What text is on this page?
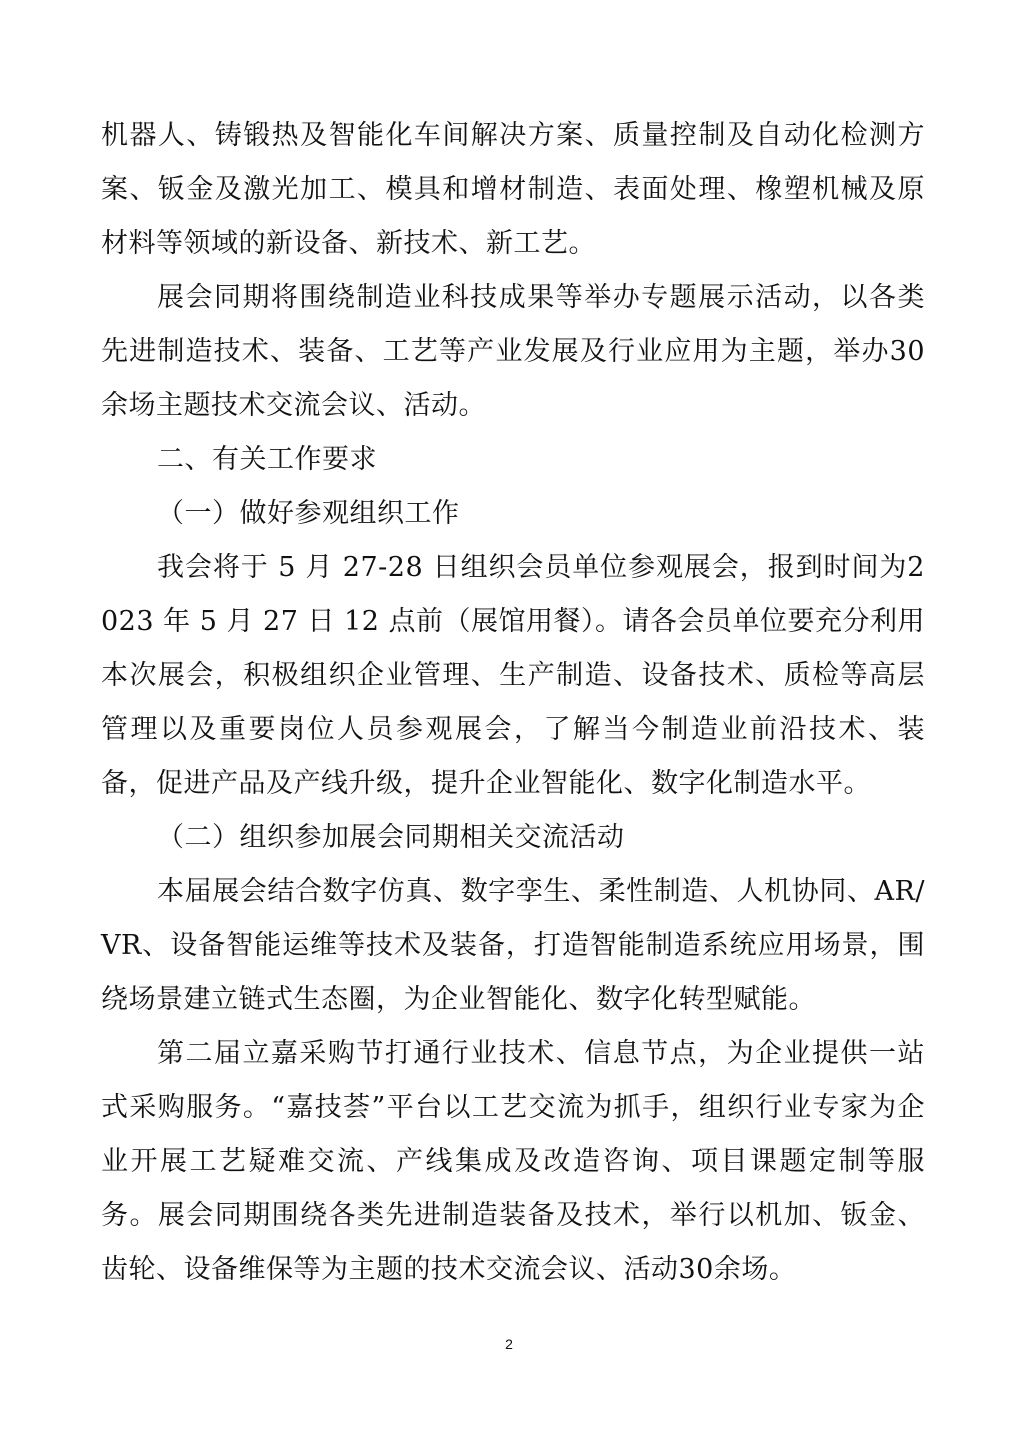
机器人、铸锻热及智能化车间解决方案、质量控制及自动化检测方案、钣金及激光加工、模具和增材制造、表面处理、橡塑机械及原材料等领域的新设备、新技术、新工艺。

展会同期将围绕制造业科技成果等举办专题展示活动，以各类先进制造技术、装备、工艺等产业发展及行业应用为主题，举办30余场主题技术交流会议、活动。

二、有关工作要求

（一）做好参观组织工作

我会将于 5 月 27-28 日组织会员单位参观展会，报到时间为2023 年 5 月 27 日 12 点前（展馆用餐）。请各会员单位要充分利用本次展会，积极组织企业管理、生产制造、设备技术、质检等高层管理以及重要岗位人员参观展会，了解当今制造业前沿技术、装备，促进产品及产线升级，提升企业智能化、数字化制造水平。

（二）组织参加展会同期相关交流活动

本届展会结合数字仿真、数字孪生、柔性制造、人机协同、AR/VR、设备智能运维等技术及装备，打造智能制造系统应用场景，围绕场景建立链式生态圈，为企业智能化、数字化转型赋能。

第二届立嘉采购节打通行业技术、信息节点，为企业提供一站式采购服务。“嘉技荟”平台以工艺交流为抓手，组织行业专家为企业开展工艺疑难交流、产线集成及改造咨询、项目课题定制等服务。展会同期围绕各类先进制造装备及技术，举行以机加、钣金、齿轮、设备维保等为主题的技术交流会议、活动30余场。

2
